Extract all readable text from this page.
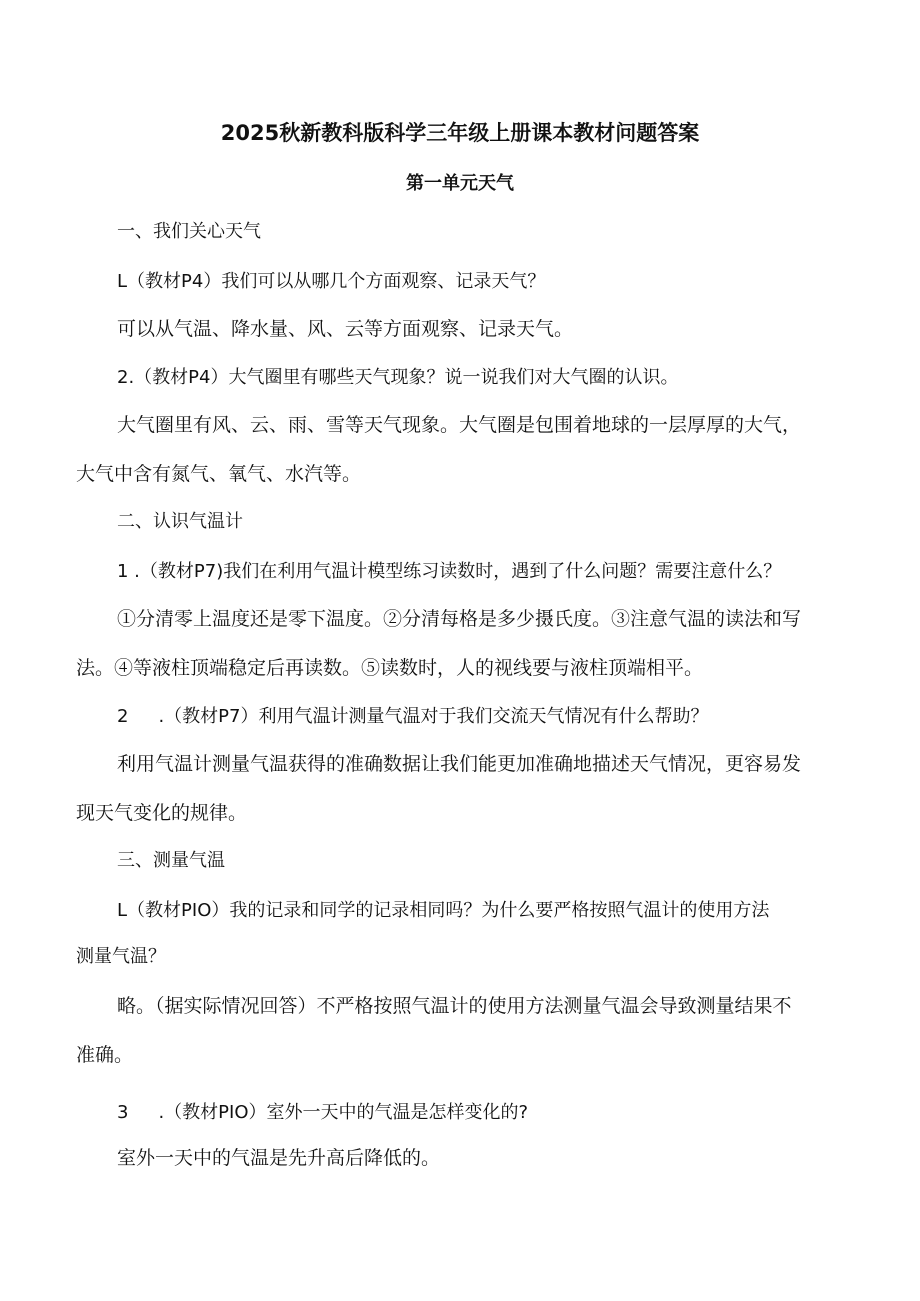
2025秋新教科版科学三年级上册课本教材问题答案
第一单元天气
一、我们关心天气
L（教材P4）我们可以从哪几个方面观察、记录天气？
可以从气温、降水量、风、云等方面观察、记录天气。
2.（教材P4）大气圈里有哪些天气现象？说一说我们对大气圈的认识。
大气圈里有风、云、雨、雪等天气现象。大气圈是包围着地球的一层厚厚的大气，
大气中含有氮气、氧气、水汽等。
二、认识气温计
1 .（教材P7)我们在利用气温计模型练习读数时，遇到了什么问题？需要注意什么？
①分清零上温度还是零下温度。②分清每格是多少摄氏度。③注意气温的读法和写
法。④等液柱顶端稳定后再读数。⑤读数时，人的视线要与液柱顶端相平。
2 .（教材P7）利用气温计测量气温对于我们交流天气情况有什么帮助？
利用气温计测量气温获得的准确数据让我们能更加准确地描述天气情况，更容易发
现天气变化的规律。
三、测量气温
L（教材PIO）我的记录和同学的记录相同吗？为什么要严格按照气温计的使用方法
测量气温？
略。（据实际情况回答）不严格按照气温计的使用方法测量气温会导致测量结果不
准确。
3 .（教材PIO）室外一天中的气温是怎样变化的?
室外一天中的气温是先升高后降低的。
